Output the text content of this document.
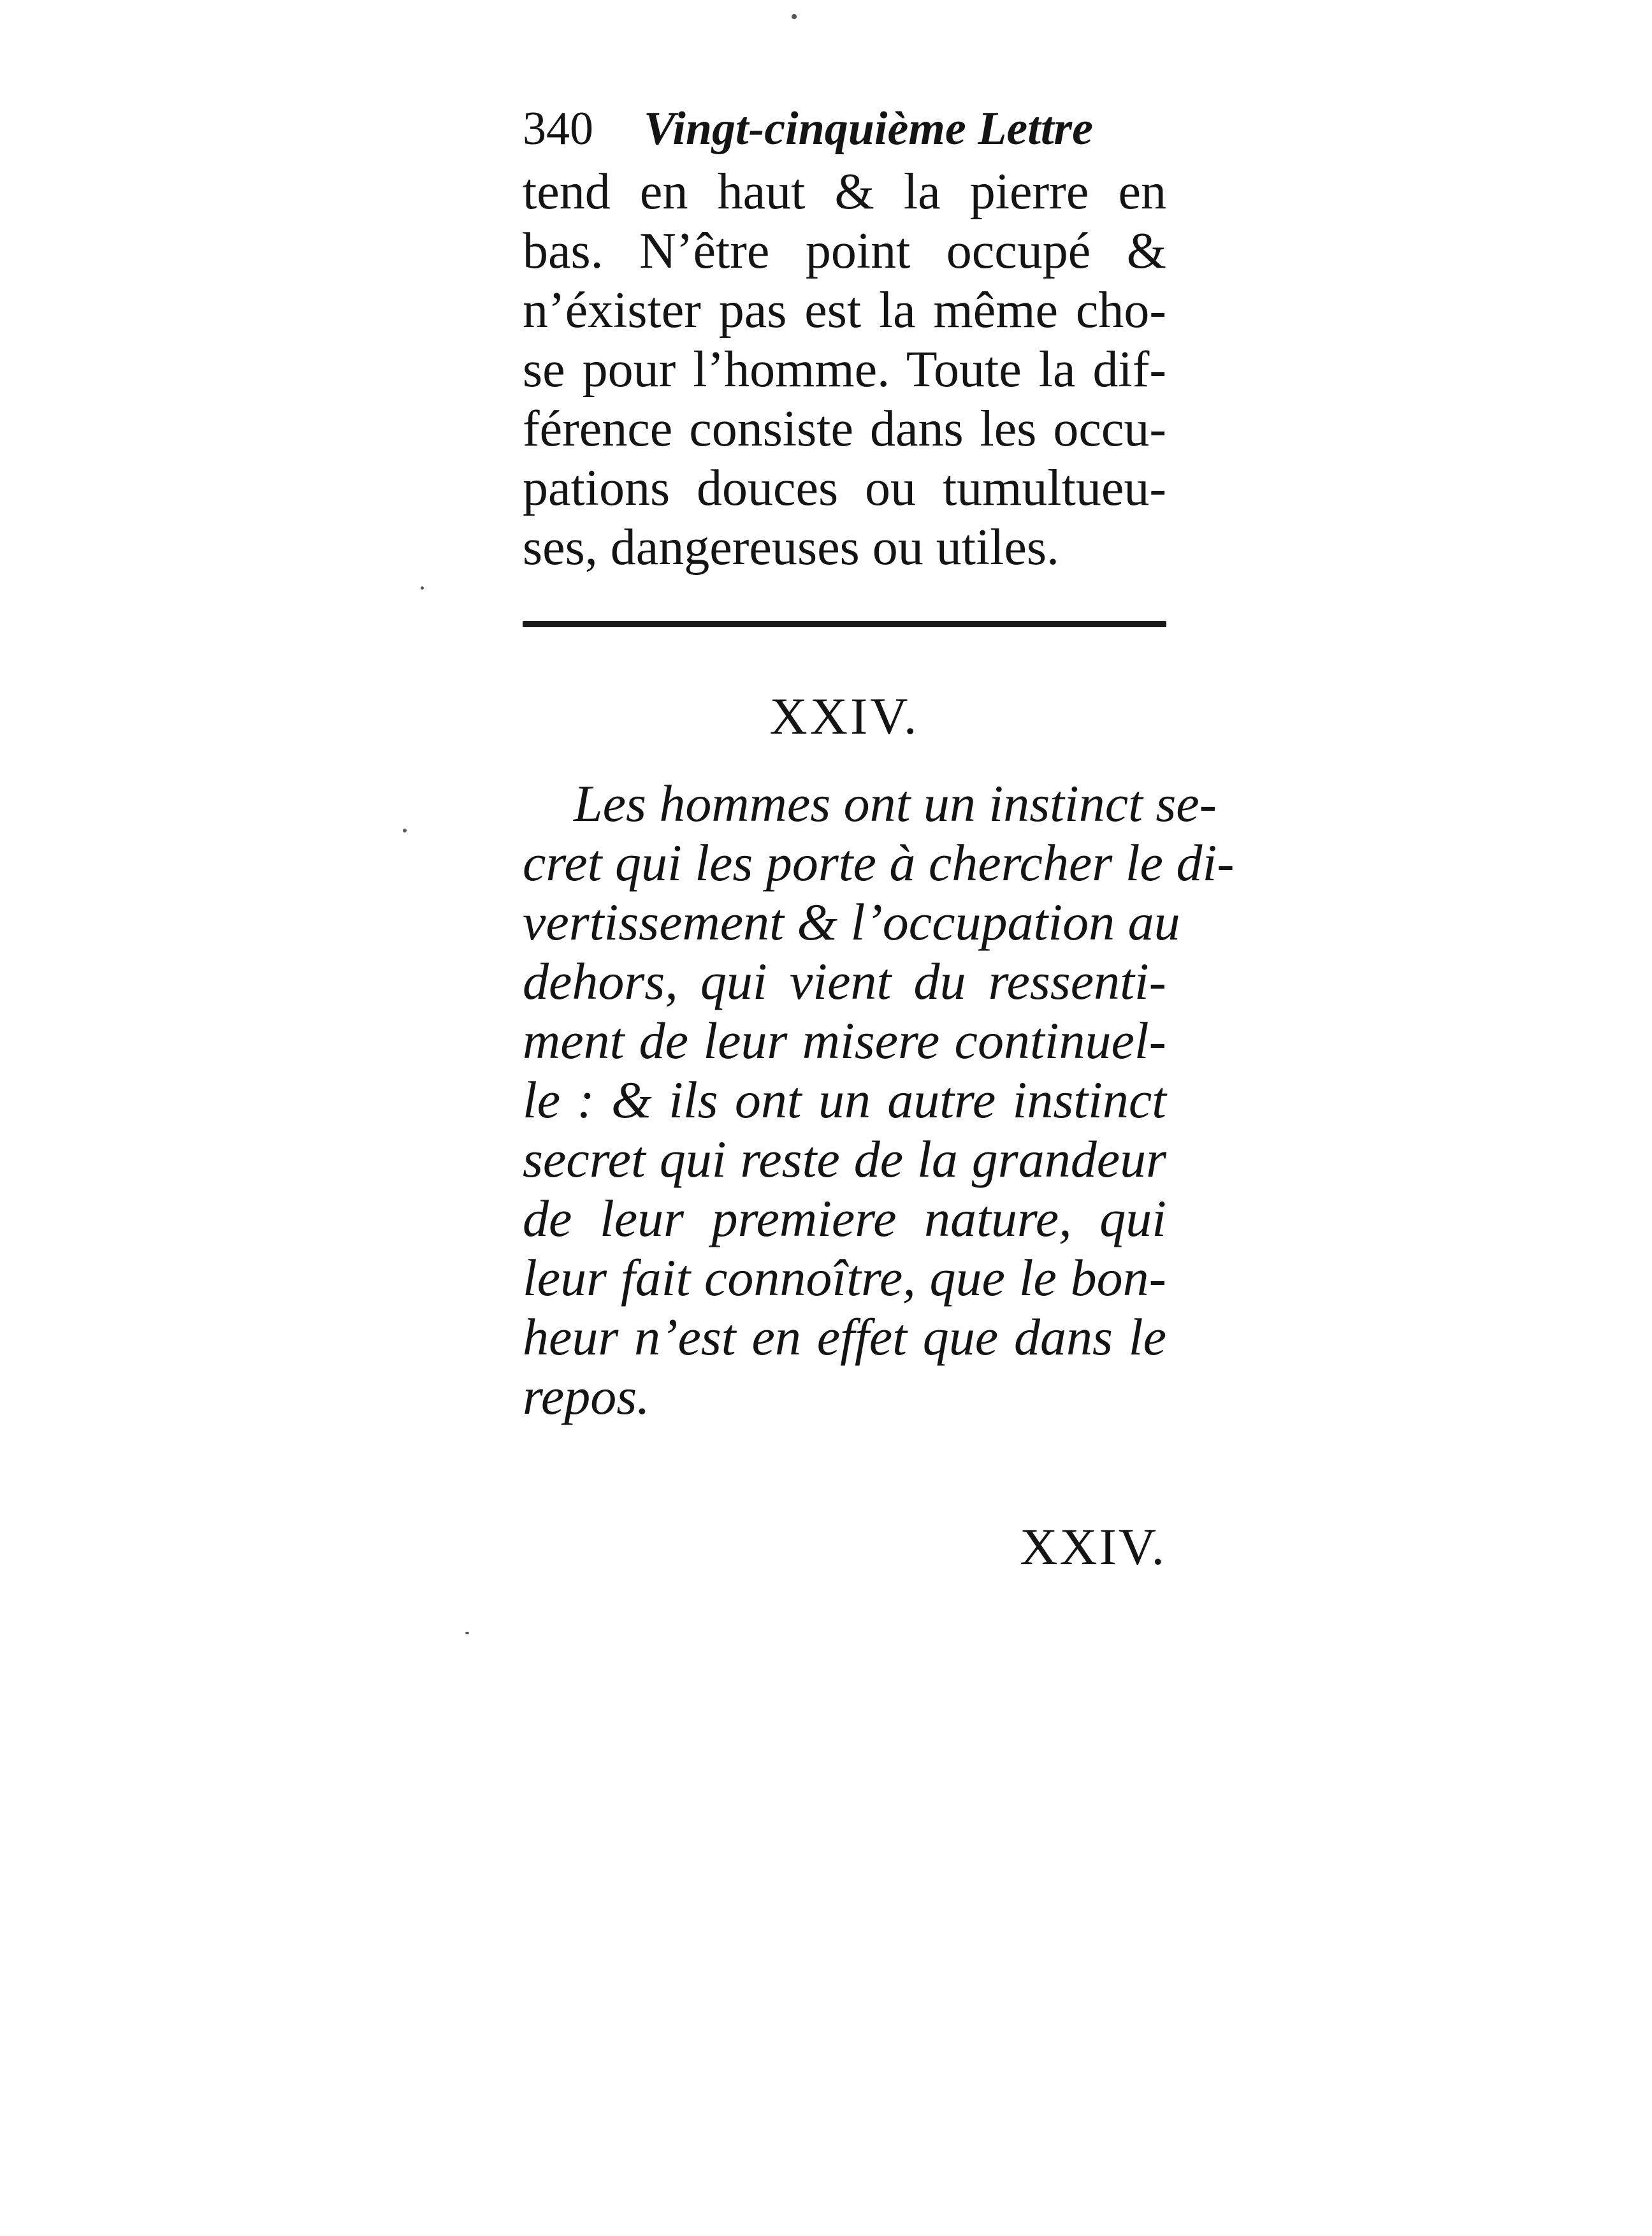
340 Vingt-cinquième Lettre
tend en haut & la pierre en
bas. N’être point occupé &
n’éxister pas est la même cho-
se pour l’homme. Toute la dif-
férence consiste dans les occu-
pations douces ou tumultueu-
ses, dangereuses ou utiles.
XXIV.
Les hommes ont un instinct se-
cret qui les porte à chercher le di-
vertissement & l’occupation au
dehors, qui vient du ressenti-
ment de leur misere continuel-
le : & ils ont un autre instinct
secret qui reste de la grandeur
de leur premiere nature, qui
leur fait connoître, que le bon-
heur n’est en effet que dans le
repos.
XXIV.
